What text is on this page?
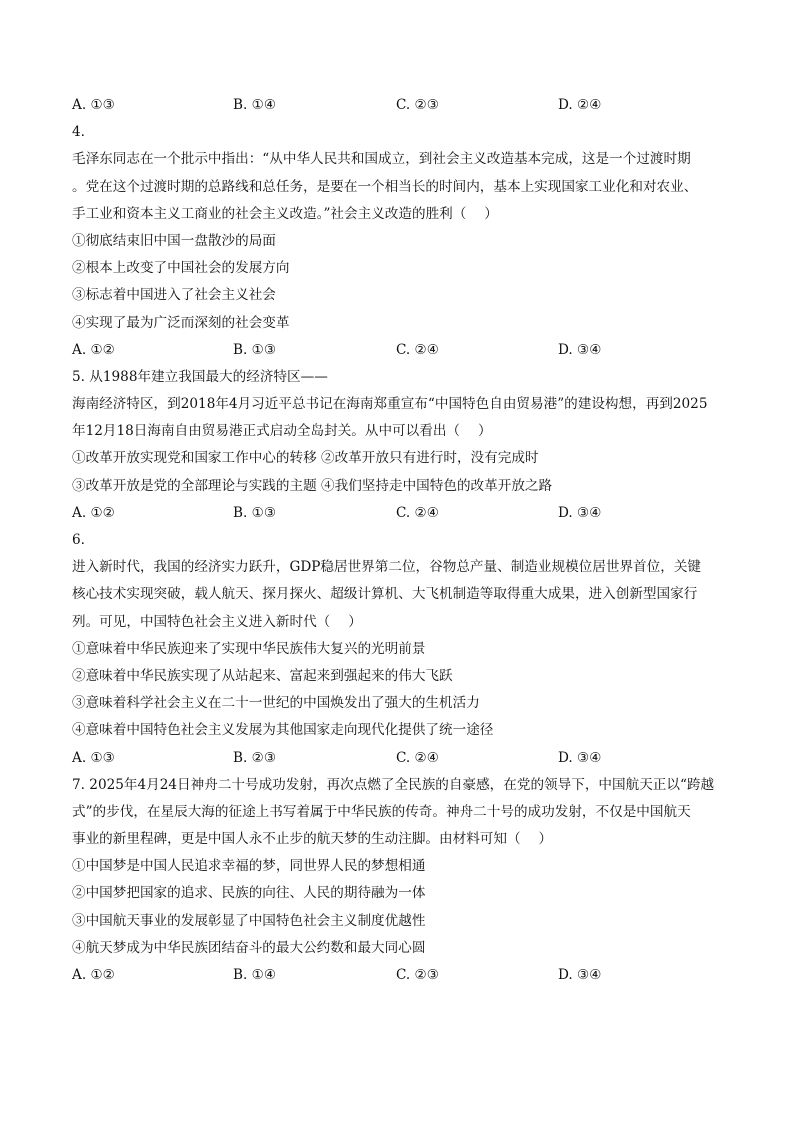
A. ①③	B. ①④	C. ②③	D. ②④
4.
毛泽东同志在一个批示中指出：“从中华人民共和国成立，到社会主义改造基本完成，这是一个过渡时期
。党在这个过渡时期的总路线和总任务，是要在一个相当长的时间内，基本上实现国家工业化和对农业、
手工业和资本主义工商业的社会主义改造。”社会主义改造的胜利（　 ）
①彻底结束旧中国一盘散沙的局面
②根本上改变了中国社会的发展方向
③标志着中国进入了社会主义社会
④实现了最为广泛而深刻的社会变革
A. ①②	B. ①③	C. ②④	D. ③④
5. 从1988年建立我国最大的经济特区——
海南经济特区，到2018年4月习近平总书记在海南郑重宣布“中国特色自由贸易港”的建设构想，再到2025
年12月18日海南自由贸易港正式启动全岛封关。从中可以看出（　 ）
①改革开放实现党和国家工作中心的转移 ②改革开放只有进行时，没有完成时
③改革开放是党的全部理论与实践的主题 ④我们坚持走中国特色的改革开放之路
A. ①②	B. ①③	C. ②④	D. ③④
6.
进入新时代，我国的经济实力跃升，GDP稳居世界第二位，谷物总产量、制造业规模位居世界首位，关键
核心技术实现突破，载人航天、探月探火、超级计算机、大飞机制造等取得重大成果，进入创新型国家行
列。可见，中国特色社会主义进入新时代（　 ）
①意味着中华民族迎来了实现中华民族伟大复兴的光明前景
②意味着中华民族实现了从站起来、富起来到强起来的伟大飞跃
③意味着科学社会主义在二十一世纪的中国焕发出了强大的生机活力
④意味着中国特色社会主义发展为其他国家走向现代化提供了统一途径
A. ①③	B. ②③	C. ②④	D. ③④
7. 2025年4月24日神舟二十号成功发射，再次点燃了全民族的自豪感，在党的领导下，中国航天正以“跨越
式”的步伐，在星辰大海的征途上书写着属于中华民族的传奇。神舟二十号的成功发射，不仅是中国航天
事业的新里程碑，更是中国人永不止步的航天梦的生动注脚。由材料可知（　 ）
①中国梦是中国人民追求幸福的梦，同世界人民的梦想相通
②中国梦把国家的追求、民族的向往、人民的期待融为一体
③中国航天事业的发展彰显了中国特色社会主义制度优越性
④航天梦成为中华民族团结奋斗的最大公约数和最大同心圆
A. ①②	B. ①④	C. ②③	D. ③④
